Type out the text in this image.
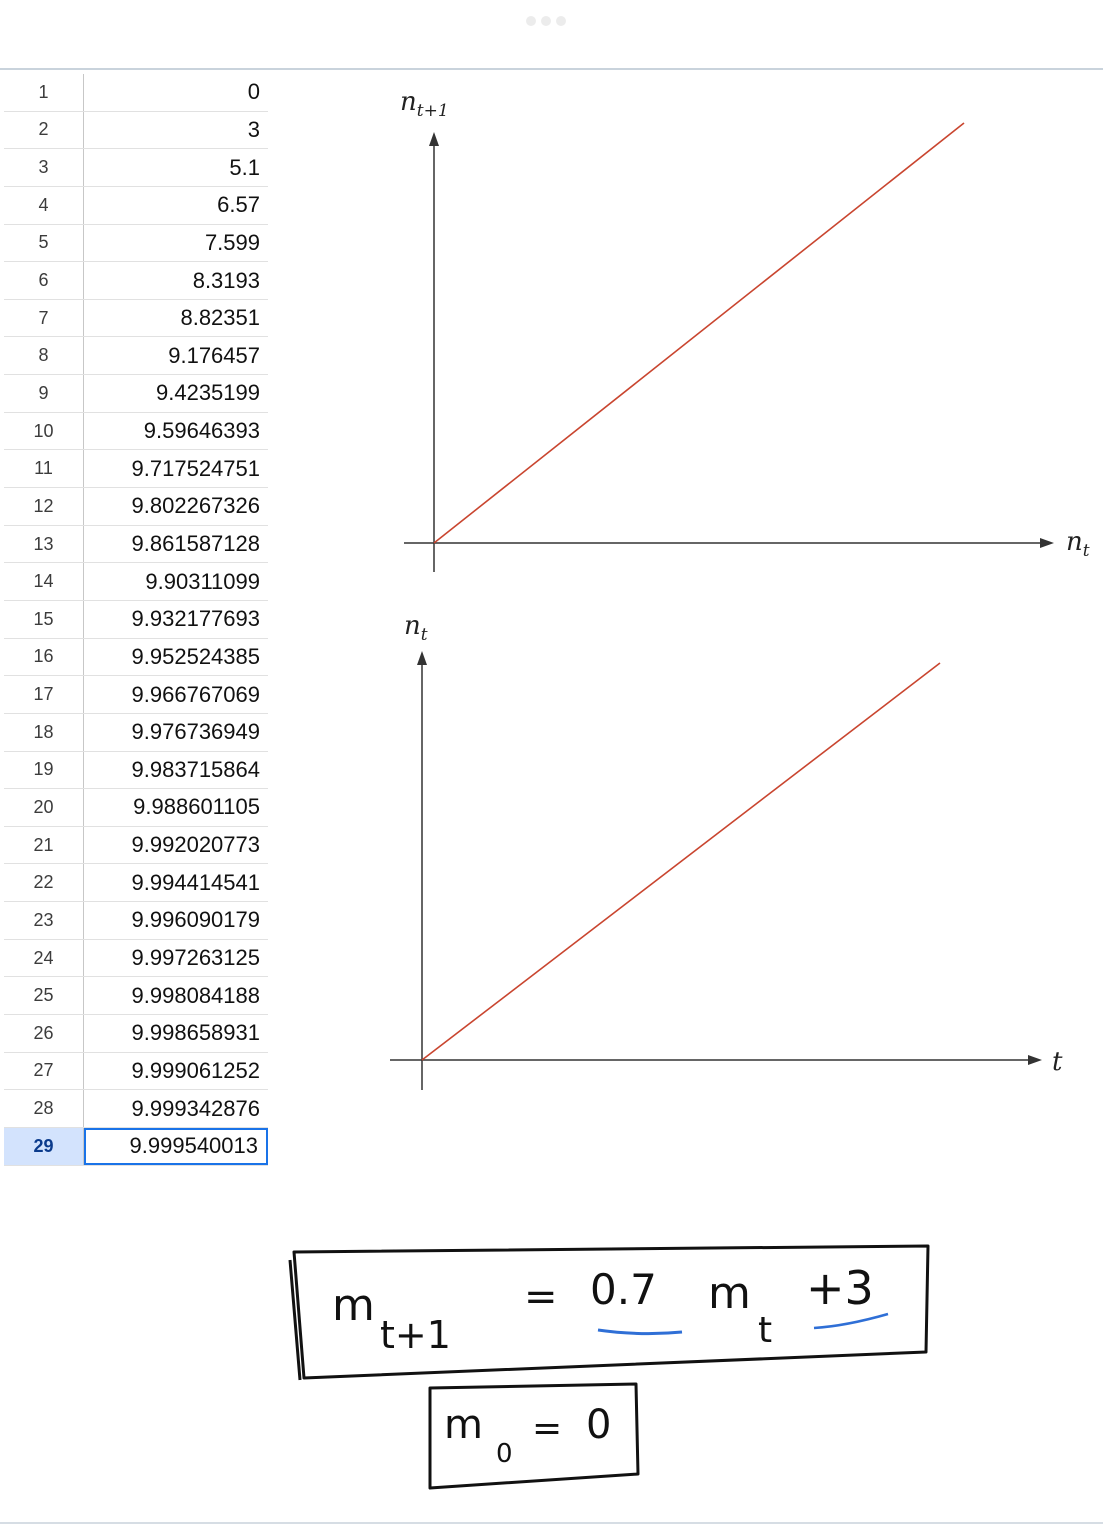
1	0
2	3
3	5.1
4	6.57
5	7.599
6	8.3193
7	8.82351
8	9.176457
9	9.4235199
10	9.59646393
11	9.717524751
12	9.802267326
13	9.861587128
14	9.90311099
15	9.932177693
16	9.952524385
17	9.966767069
18	9.976736949
19	9.983715864
20	9.988601105
21	9.992020773
22	9.994414541
23	9.996090179
24	9.997263125
25	9.998084188
26	9.998658931
27	9.999061252
28	9.999342876
29	9.999540013
$n_{t+1}$
$n_t$
$n_t$
t
m
t+1
= 0.7 m
t
+3
m
0
= 0
